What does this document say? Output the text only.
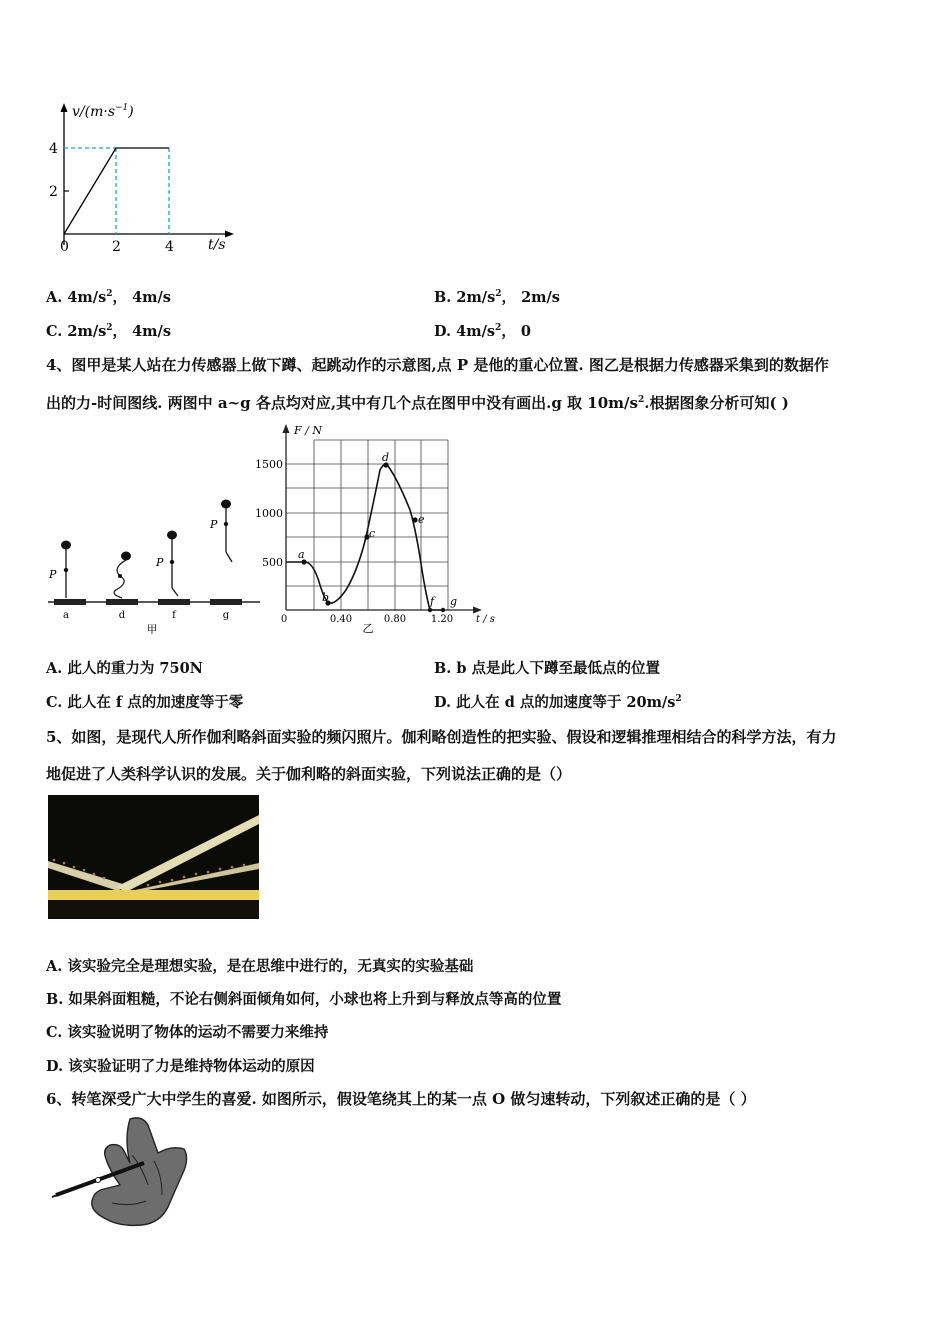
$v/(m\cdot s^{-1})$
4
2
0	2	4 t/s
A. $4m/s^2$， 4m/s	B. $2m/s^2$， 2m/s
C. $2m/s^2$， 4m/s	D. $4m/s^2$， 0
4、图甲是某人站在力传感器上做下蹲、起跳动作的示意图,点 P 是他的重心位置. 图乙是根据力传感器采集到的数据作
出的力-时间图线. 两图中 a~g 各点均对应,其中有几个点在图甲中没有画出.g 取 $10m/s^2$.根据图象分析可知( )
P
P
P
a	d	f	g
甲
a
b
c
d
e
f g
F / N
1500
1000
500
0	0.40	0.80 1.20 t / s
乙
A. 此人的重力为 750N	B. b 点是此人下蹲至最低点的位置
C. 此人在 f 点的加速度等于零	D. 此人在 d 点的加速度等于 $20m/s^2$
5、如图，是现代人所作伽利略斜面实验的频闪照片。伽利略创造性的把实验、假设和逻辑推理相结合的科学方法，有力
地促进了人类科学认识的发展。关于伽利略的斜面实验，下列说法正确的是（）
A. 该实验完全是理想实验，是在思维中进行的，无真实的实验基础
B. 如果斜面粗糙，不论右侧斜面倾角如何，小球也将上升到与释放点等高的位置
C. 该实验说明了物体的运动不需要力来维持
D. 该实验证明了力是维持物体运动的原因
6、转笔深受广大中学生的喜爱. 如图所示，假设笔绕其上的某一点 O 做匀速转动，下列叙述正确的是（ ）
